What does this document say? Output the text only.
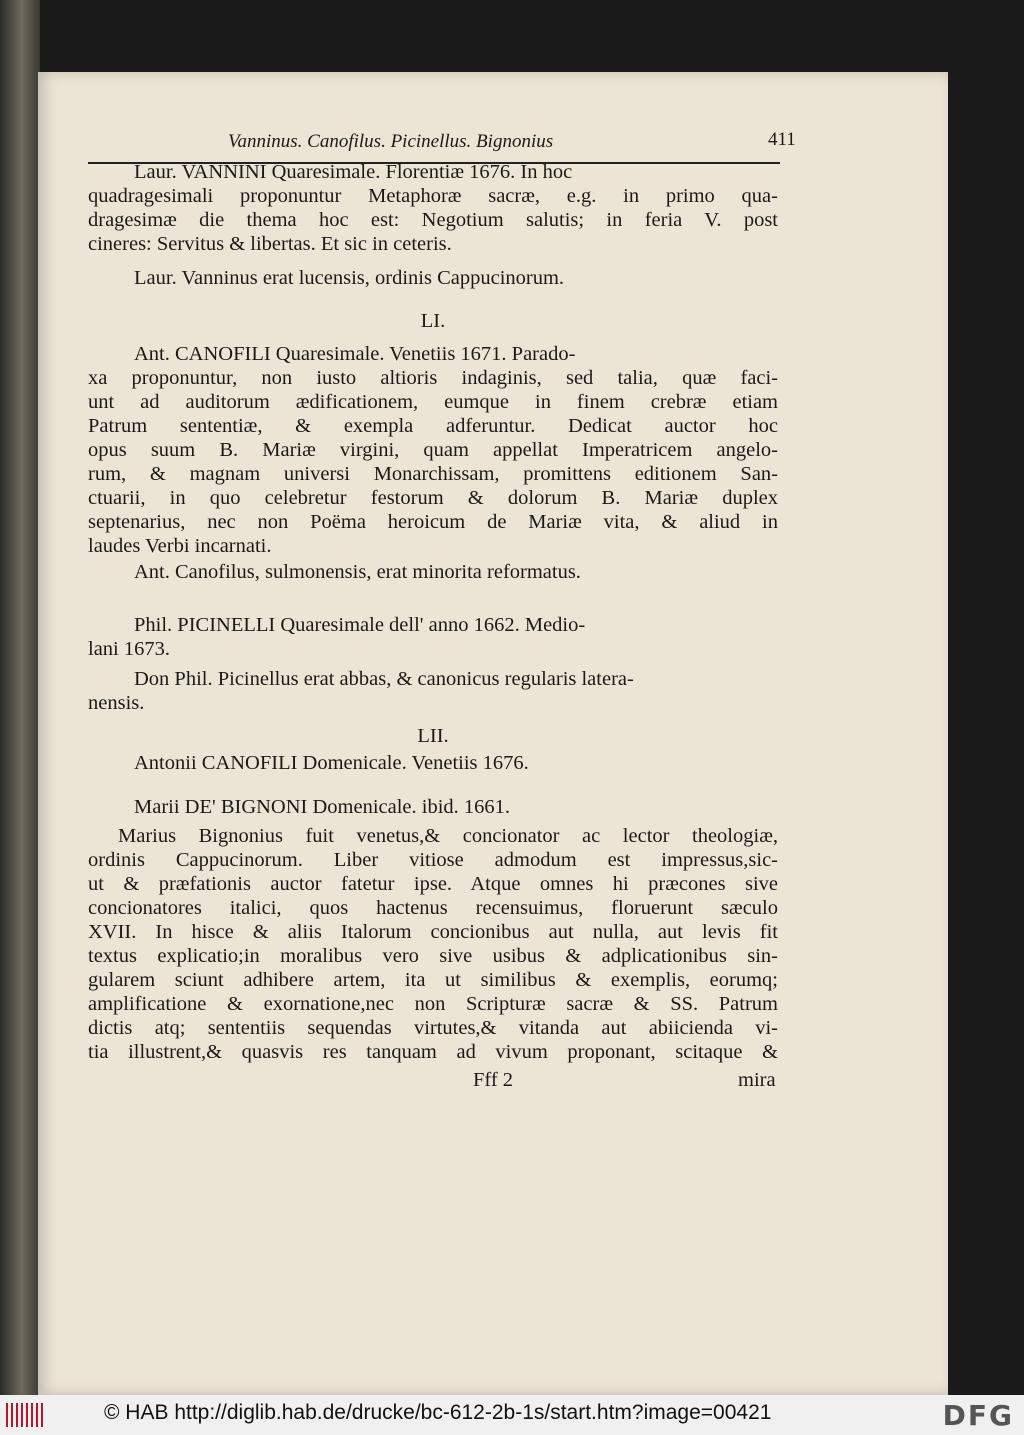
Vanninus. Canofilus. Picinellus. Bignonius	411
Laur. VANNINI Quaresimale. Florentiæ 1676. In hoc
quadragesimali proponuntur Metaphoræ sacræ, e.g. in primo qua-
dragesimæ die thema hoc est: Negotium salutis; in feria V. post
cineres: Servitus & libertas. Et sic in ceteris.
Laur. Vanninus erat lucensis, ordinis Cappucinorum.
LI.
Ant. CANOFILI Quaresimale. Venetiis 1671. Parado-
xa proponuntur, non iusto altioris indaginis, sed talia, quæ faci-
unt ad auditorum ædificationem, eumque in finem crebræ etiam
Patrum sententiæ, & exempla adferuntur. Dedicat auctor hoc
opus suum B. Mariæ virgini, quam appellat Imperatricem angelo-
rum, & magnam universi Monarchissam, promittens editionem San-
ctuarii, in quo celebretur festorum & dolorum B. Mariæ duplex
septenarius, nec non Poëma heroicum de Mariæ vita, & aliud in
laudes Verbi incarnati.
Ant. Canofilus, sulmonensis, erat minorita reformatus.
Phil. PICINELLI Quaresimale dell' anno 1662. Medio-
lani 1673.
Don Phil. Picinellus erat abbas, & canonicus regularis latera-
nensis.
LII.
Antonii CANOFILI Domenicale. Venetiis 1676.
Marii DE' BIGNONI Domenicale. ibid. 1661.
Marius Bignonius fuit venetus,& concionator ac lector theologiæ,
ordinis Cappucinorum. Liber vitiose admodum est impressus,sic-
ut & præfationis auctor fatetur ipse. Atque omnes hi præcones sive
concionatores italici, quos hactenus recensuimus, floruerunt sæculo
XVII. In hisce & aliis Italorum concionibus aut nulla, aut levis fit
textus explicatio;in moralibus vero sive usibus & adplicationibus sin-
gularem sciunt adhibere artem, ita ut similibus & exemplis, eorumq;
amplificatione & exornatione,nec non Scripturæ sacræ & SS. Patrum
dictis atq; sententiis sequendas virtutes,& vitanda aut abiicienda vi-
tia illustrent,& quasvis res tanquam ad vivum proponant, scitaque &
Fff 2	mira
© HAB http://diglib.hab.de/drucke/bc-612-2b-1s/start.htm?image=00421	DFG
